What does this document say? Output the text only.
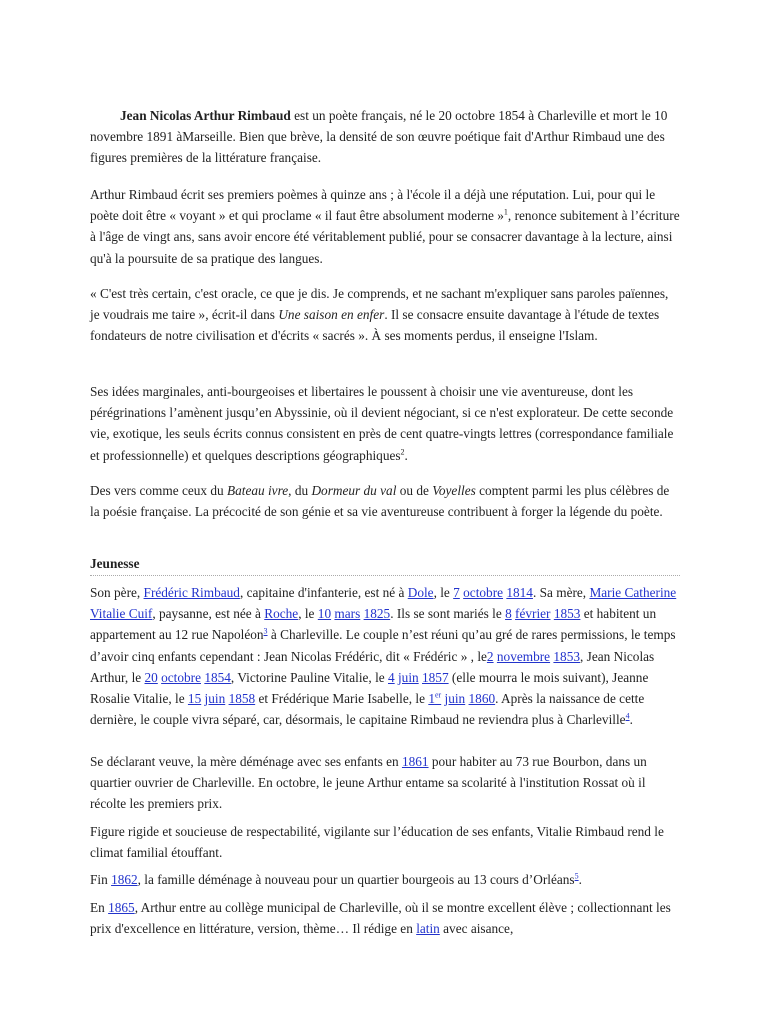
Jean Nicolas Arthur Rimbaud est un poète français, né le 20 octobre 1854 à Charleville et mort le 10 novembre 1891 àMarseille. Bien que brève, la densité de son œuvre poétique fait d'Arthur Rimbaud une des figures premières de la littérature française.

Arthur Rimbaud écrit ses premiers poèmes à quinze ans ; à l'école il a déjà une réputation. Lui, pour qui le poète doit être « voyant » et qui proclame « il faut être absolument moderne »$^1$, renonce subitement à l’écriture à l'âge de vingt ans, sans avoir encore été véritablement publié, pour se consacrer davantage à la lecture, ainsi qu'à la poursuite de sa pratique des langues.

« C'est très certain, c'est oracle, ce que je dis. Je comprends, et ne sachant m'expliquer sans paroles païennes, je voudrais me taire », écrit-il dans Une saison en enfer. Il se consacre ensuite davantage à l'étude de textes fondateurs de notre civilisation et d'écrits « sacrés ». À ses moments perdus, il enseigne l'Islam.

Ses idées marginales, anti-bourgeoises et libertaires le poussent à choisir une vie aventureuse, dont les pérégrinations l’amènent jusqu’en Abyssinie, où il devient négociant, si ce n'est explorateur. De cette seconde vie, exotique, les seuls écrits connus consistent en près de cent quatre-vingts lettres (correspondance familiale et professionnelle) et quelques descriptions géographiques$^2$.

Des vers comme ceux du Bateau ivre, du Dormeur du val ou de Voyelles comptent parmi les plus célèbres de la poésie française. La précocité de son génie et sa vie aventureuse contribuent à forger la légende du poète.

Jeunesse

Son père, Frédéric Rimbaud, capitaine d'infanterie, est né à Dole, le 7 octobre 1814. Sa mère, Marie Catherine Vitalie Cuif, paysanne, est née à Roche, le 10 mars 1825. Ils se sont mariés le 8 février 1853 et habitent un appartement au 12 rue Napoléon$^3$ à Charleville. Le couple n’est réuni qu’au gré de rares permissions, le temps d’avoir cinq enfants cependant : Jean Nicolas Frédéric, dit « Frédéric » , le2 novembre 1853, Jean Nicolas Arthur, le 20 octobre 1854, Victorine Pauline Vitalie, le 4 juin 1857 (elle mourra le mois suivant), Jeanne Rosalie Vitalie, le 15 juin 1858 et Frédérique Marie Isabelle, le 1er juin 1860. Après la naissance de cette dernière, le couple vivra séparé, car, désormais, le capitaine Rimbaud ne reviendra plus à Charleville$^4$.

Se déclarant veuve, la mère déménage avec ses enfants en 1861 pour habiter au 73 rue Bourbon, dans un quartier ouvrier de Charleville. En octobre, le jeune Arthur entame sa scolarité à l'institution Rossat où il récolte les premiers prix.

Figure rigide et soucieuse de respectabilité, vigilante sur l’éducation de ses enfants, Vitalie Rimbaud rend le climat familial étouffant.

Fin 1862, la famille déménage à nouveau pour un quartier bourgeois au 13 cours d’Orléans$^5$.

En 1865, Arthur entre au collège municipal de Charleville, où il se montre excellent élève ; collectionnant les prix d'excellence en littérature, version, thème… Il rédige en latin avec aisance,
